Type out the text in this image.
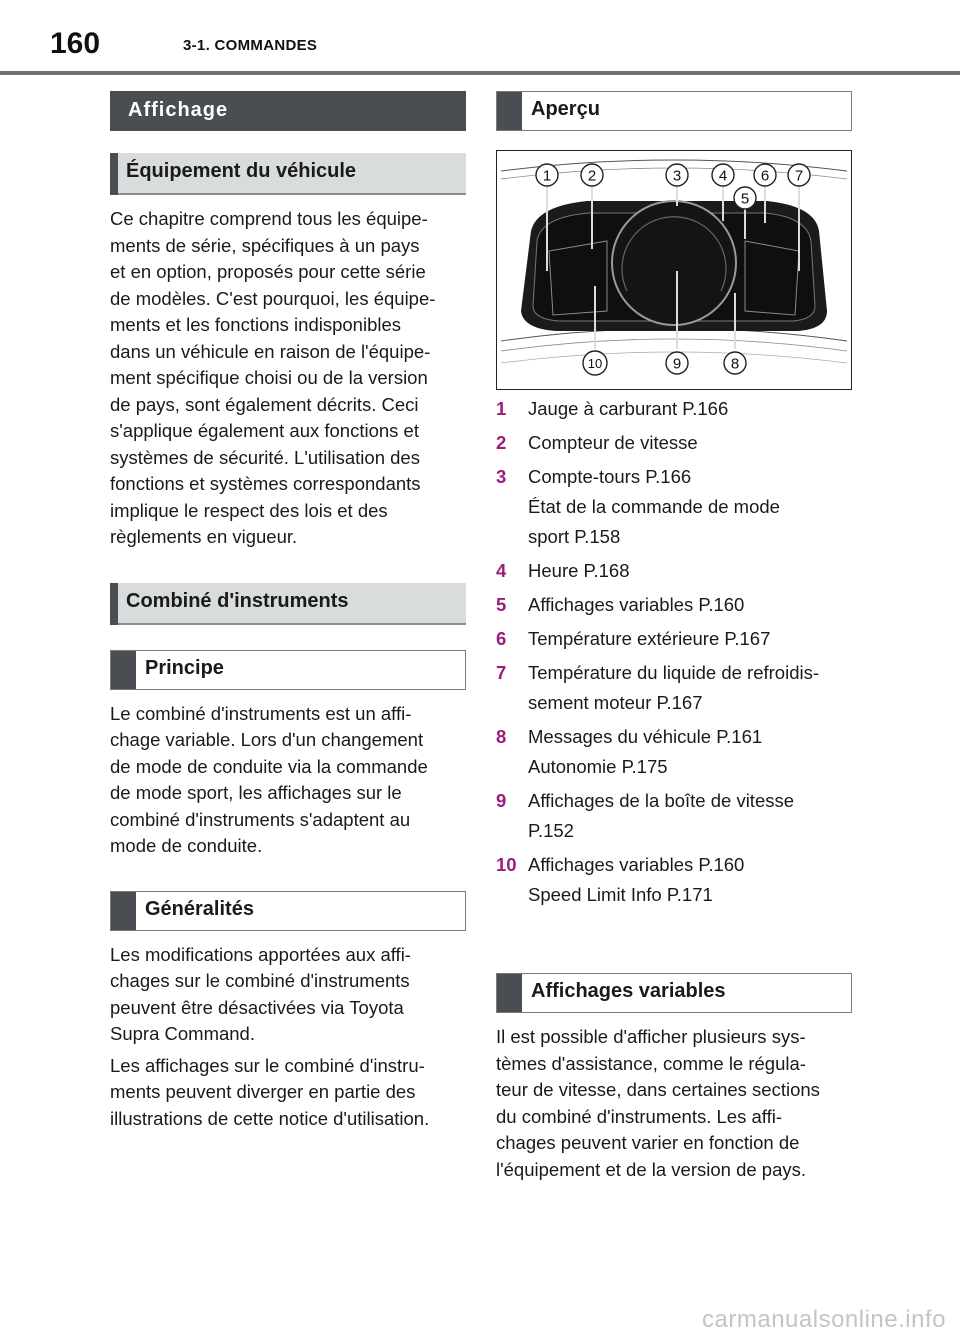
160	3-1. COMMANDES
Affichage
Équipement du véhicule
Ce chapitre comprend tous les équipe-
ments de série, spécifiques à un pays
et en option, proposés pour cette série
de modèles. C'est pourquoi, les équipe-
ments et les fonctions indisponibles
dans un véhicule en raison de l'équipe-
ment spécifique choisi ou de la version
de pays, sont également décrits. Ceci
s'applique également aux fonctions et
systèmes de sécurité. L'utilisation des
fonctions et systèmes correspondants
implique le respect des lois et des
règlements en vigueur.
Combiné d'instruments
Principe
Le combiné d'instruments est un affi-
chage variable. Lors d'un changement
de mode de conduite via la commande
de mode sport, les affichages sur le
combiné d'instruments s'adaptent au
mode de conduite.
Généralités
Les modifications apportées aux affi-
chages sur le combiné d'instruments
peuvent être désactivées via Toyota
Supra Command.
Les affichages sur le combiné d'instru-
ments peuvent diverger en partie des
illustrations de cette notice d'utilisation.
Aperçu
1 2	3	4
5
6 7
8
9
10
1 Jauge à carburant P.166
2 Compteur de vitesse
3 Compte-tours P.166
État de la commande de mode
sport P.158
4 Heure P.168
5 Affichages variables P.160
6 Température extérieure P.167
7 Température du liquide de refroidis-
sement moteur P.167
8 Messages du véhicule P.161
Autonomie P.175
9 Affichages de la boîte de vitesse
P.152
10 Affichages variables P.160
Speed Limit Info P.171
Affichages variables
Il est possible d'afficher plusieurs sys-
tèmes d'assistance, comme le régula-
teur de vitesse, dans certaines sections
du combiné d'instruments. Les affi-
chages peuvent varier en fonction de
l'équipement et de la version de pays.
carmanualsonline.info
